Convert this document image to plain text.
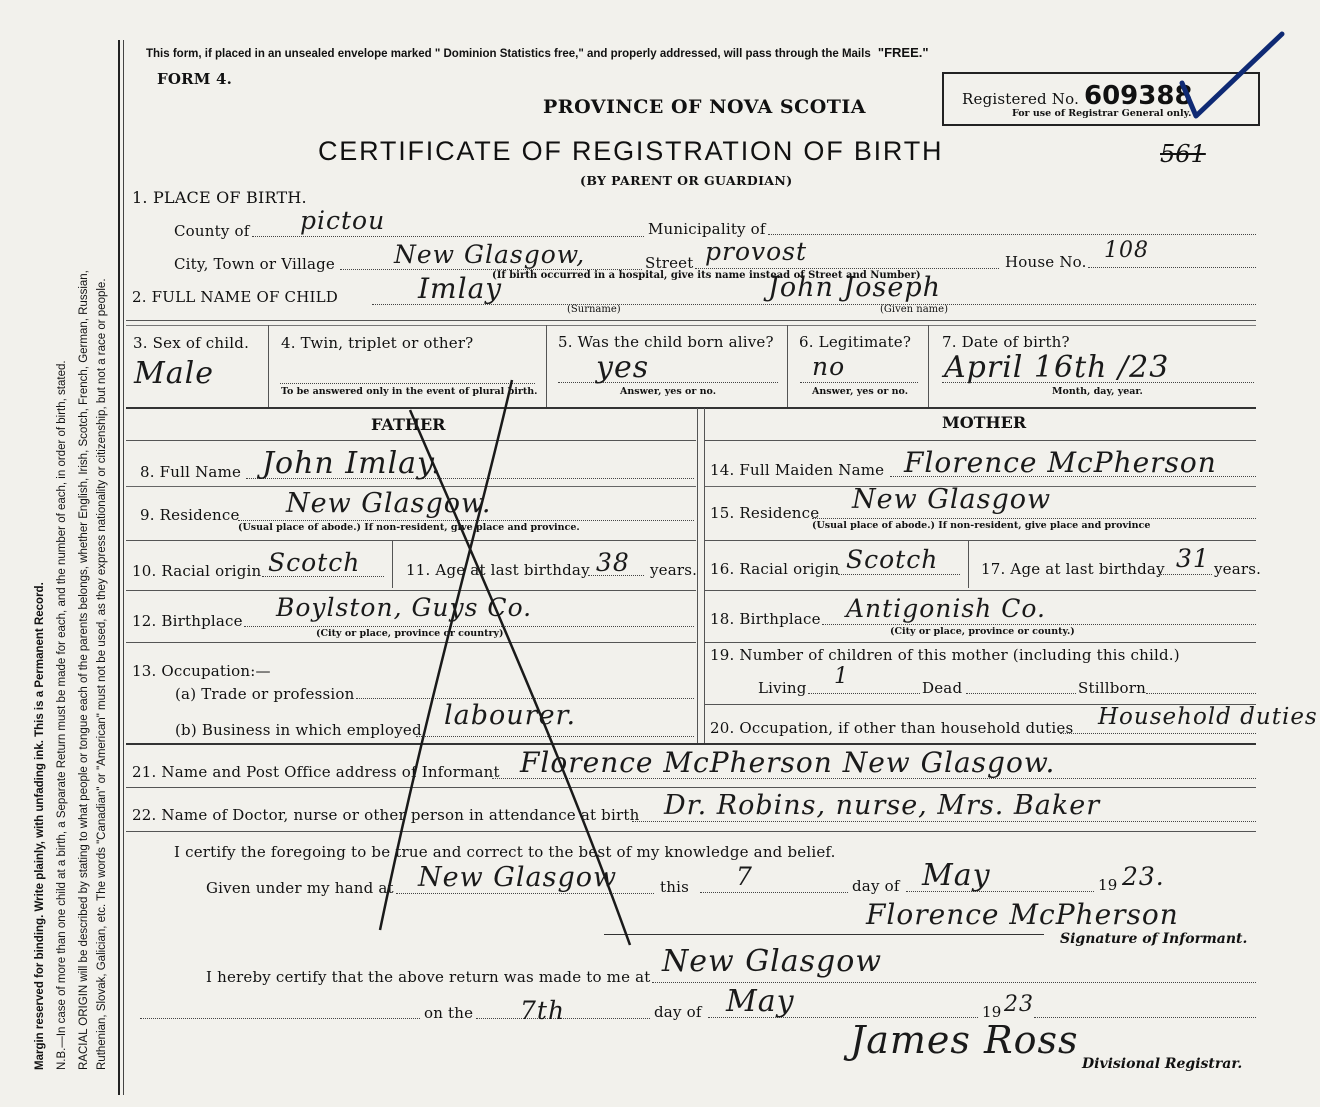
Margin reserved for binding. Write plainly, with unfading ink. This is a Permanent Record. N.B.—In case of more than one child at a birth, a Separate Return must be made for each, and the number of each, in order of birth, stated. RACIAL ORIGIN will be described by stating to what people or tongue each of the parents belongs, whether English, Irish, Scotch, French, German, Russian, Ruthenian, Slovak, Galician, etc. The words "Canadian" or "American" must not be used, as they express nationality or citizenship, but not a race or people.
This form, if placed in an unsealed envelope marked " Dominion Statistics free," and properly addressed, will pass through the Mails "FREE."
FORM 4.
PROVINCE OF NOVA SCOTIA
CERTIFICATE OF REGISTRATION OF BIRTH
(BY PARENT OR GUARDIAN)
Registered No. 609388
For use of Registrar General only.
561
1. PLACE OF BIRTH.
County of pictou	Municipality of
City, Town or Village New Glasgow,	Street provost	House No. 108
(If birth occurred in a hospital, give its name instead of Street and Number)
2. FULL NAME OF CHILD	Imlay
(Surname)
John Joseph
(Given name)
3. Sex of child.
Male
4. Twin, triplet or other?
To be answered only in the event of plural birth.
5. Was the child born alive?
yes
Answer, yes or no.
6. Legitimate?
no
Answer, yes or no.
7. Date of birth?
April 16th /23
Month, day, year.
FATHER	MOTHER
8. Full Name John Imlay.
9. Residence New Glasgow.
(Usual place of abode.) If non-resident, give place and province.
10. Racial origin Scotch	11. Age at last birthday 38 years.
12. Birthplace Boylston, Guys Co.
(City or place, province or country)
13. Occupation:—
(a) Trade or profession
(b) Business in which employed labourer.
14. Full Maiden Name Florence McPherson
15. Residence New Glasgow
(Usual place of abode.) If non-resident, give place and province
16. Racial origin Scotch	17. Age at last birthday 31 years.
18. Birthplace Antigonish Co.
(City or place, province or county.)
19. Number of children of this mother (including this child.)
Living 1	Dead	Stillborn
20. Occupation, if other than household duties Household duties
21. Name and Post Office address of Informant Florence McPherson New Glasgow.
22. Name of Doctor, nurse or other person in attendance at birth Dr. Robins, nurse, Mrs. Baker
I certify the foregoing to be true and correct to the best of my knowledge and belief.
Given under my hand at New Glasgow	this 7	day of May	19 23.
Florence McPherson
Signature of Informant.
I hereby certify that the above return was made to me at New Glasgow
on the 7th	day of May	19 23
James Ross
Divisional Registrar.
